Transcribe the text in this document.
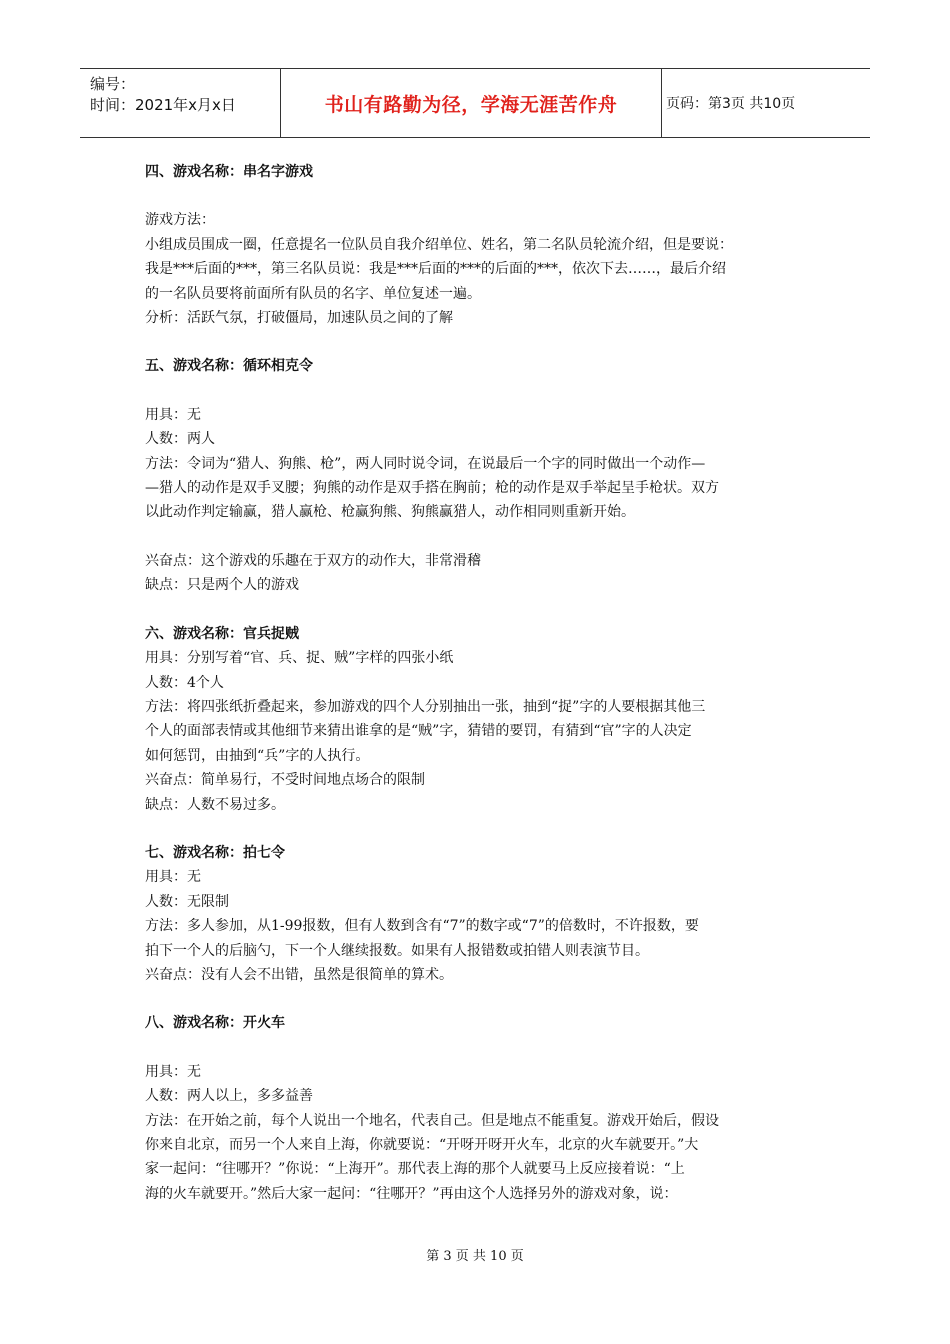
编号：
时间：2021年x月x日	书山有路勤为径，学海无涯苦作舟	页码：第3页 共10页

四、游戏名称：串名字游戏

游戏方法：

小组成员围成一圈，任意提名一位队员自我介绍单位、姓名，第二名队员轮流介绍，但是要说：

我是***后面的***，第三名队员说：我是***后面的***的后面的***，依次下去……，最后介绍

的一名队员要将前面所有队员的名字、单位复述一遍。

分析：活跃气氛，打破僵局，加速队员之间的了解

五、游戏名称：循环相克令

用具：无

人数：两人

方法：令词为“猎人、狗熊、枪”，两人同时说令词，在说最后一个字的同时做出一个动作—

—猎人的动作是双手叉腰；狗熊的动作是双手搭在胸前；枪的动作是双手举起呈手枪状。双方

以此动作判定输赢，猎人赢枪、枪赢狗熊、狗熊赢猎人，动作相同则重新开始。

兴奋点：这个游戏的乐趣在于双方的动作大，非常滑稽

缺点：只是两个人的游戏

六、游戏名称：官兵捉贼

用具：分别写着“官、兵、捉、贼”字样的四张小纸

人数：4个人

方法：将四张纸折叠起来，参加游戏的四个人分别抽出一张，抽到“捉”字的人要根据其他三

个人的面部表情或其他细节来猜出谁拿的是“贼”字，猜错的要罚，有猜到“官”字的人决定

如何惩罚，由抽到“兵”字的人执行。

兴奋点：简单易行，不受时间地点场合的限制

缺点：人数不易过多。

七、游戏名称：拍七令

用具：无

人数：无限制

方法：多人参加，从1-99报数，但有人数到含有“7”的数字或“7”的倍数时，不许报数，要

拍下一个人的后脑勺，下一个人继续报数。如果有人报错数或拍错人则表演节目。

兴奋点：没有人会不出错，虽然是很简单的算术。

八、游戏名称：开火车

用具：无

人数：两人以上，多多益善

方法：在开始之前，每个人说出一个地名，代表自己。但是地点不能重复。游戏开始后，假设

你来自北京，而另一个人来自上海，你就要说：“开呀开呀开火车，北京的火车就要开。”大

家一起问：“往哪开？”你说：“上海开”。那代表上海的那个人就要马上反应接着说：“上

海的火车就要开。”然后大家一起问：“往哪开？”再由这个人选择另外的游戏对象，说：

第 3 页 共 10 页
